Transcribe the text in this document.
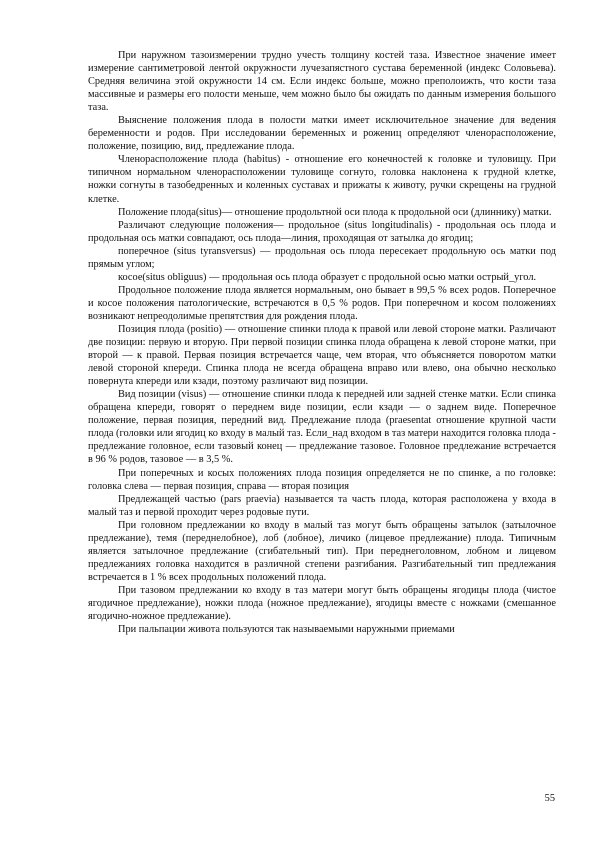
При наружном тазоизмерении трудно учесть толщину костей таза. Известное значение имеет измерение сантиметровой лентой окружности лучезапястного сустава беременной (индекс Соловьева). Средняя величина этой окружности 14 см. Если индекс больше, можно преполоижть, что кости таза массивные и размеры его полости меньше, чем можно было бы ожидать по данным измерения большого таза.

Выяснение положения плода в полости матки имеет исключительное значение для ведения беременности и родов. При исследовании беременных и рожениц определяют членорасположение, положение, позицию, вид, предлежание плода.

Членорасположение плода (habitus) - отношение его конечностей к головке и туловищу. При типичном нормальном членорасположении туловище согнуто, головка наклонена к грудной клетке, ножки согнуты в тазобедренных и коленных суставах и прижаты к животу, ручки скрещены на грудной клетке.

Положение плода(situs)— отношение продольтной оси плода к продольной оси (длиннику) матки.

Различают следующие положения— продольное (situs longitudinalis) - продольная ось плода и продольная ось матки совпадают, ось плода—линия, проходящая от затылка до ягодиц;

поперечное (situs tyransversus) — продольная ось плода пересекает продольную ось матки под прямым углом;

косое(situs obliguus) — продольная ось плода образует с продольной осью матки острый_угол.

Продольное положение плода является нормальным, оно бывает в 99,5 % всех родов. Поперечное и косое положения патологические, встречаются в 0,5 % родов. При поперечном и косом положениях возникают непреодолимые препятствия для рождения плода.

Позиция плода (positio) — отношение спинки плода к правой или левой стороне матки. Различают две позиции: первую и вторую. При первой позиции спинка плода обращена к левой стороне матки, при второй — к правой. Первая позиция встречается чаще, чем вторая, что объясняется поворотом матки левой стороной кпереди. Спинка плода не всегда обращена вправо или влево, она обычно несколько повернута кпереди или кзади, поэтому различают вид позиции.

Вид позиции (visus) — отношение спинки плода к передней или задней стенке матки. Если спинка обращена кпереди, говорят о переднем виде позиции, если кзади — о заднем виде. Поперечное положение, первая позиция, передний вид. Предлежание плода (praesentat отношение крупной части плода (головки или ягодиц ко входу в малый таз. Если_над входом в таз матери находится головка плода - предлежание головное, если тазовый конец — предлежание тазовое. Головное предлежание встречается в 96 % родов, тазовое — в 3,5 %.

При поперечных и косых положениях плода позиция определяется не по спинке, а по головке: головка слева — первая позиция, справа — вторая позиция

Предлежащей частью (pars praevia) называется та часть плода, которая расположена у входа в малый таз и первой проходит через родовые пути.

При головном предлежании ко входу в малый таз могут быть обращены затылок (затылочное предлежание), темя (переднелобное), лоб (лобное), личико (лицевое предлежание) плода. Типичным является затылочное предлежание (сгибательный тип). При переднеголовном, лобном и лицевом предлежаниях головка находится в различной степени разгибания. Разгибательный тип предлежания встречается в 1 % всех продольных положений плода.

При тазовом предлежании ко входу в таз матери могут быть обращены ягодицы плода (чистое ягодичное предлежание), ножки плода (ножное предлежание), ягодицы вместе с ножками (смешанное ягодично-ножное предлежание).

При пальпации живота пользуются так называемыми наружными приемами

55
